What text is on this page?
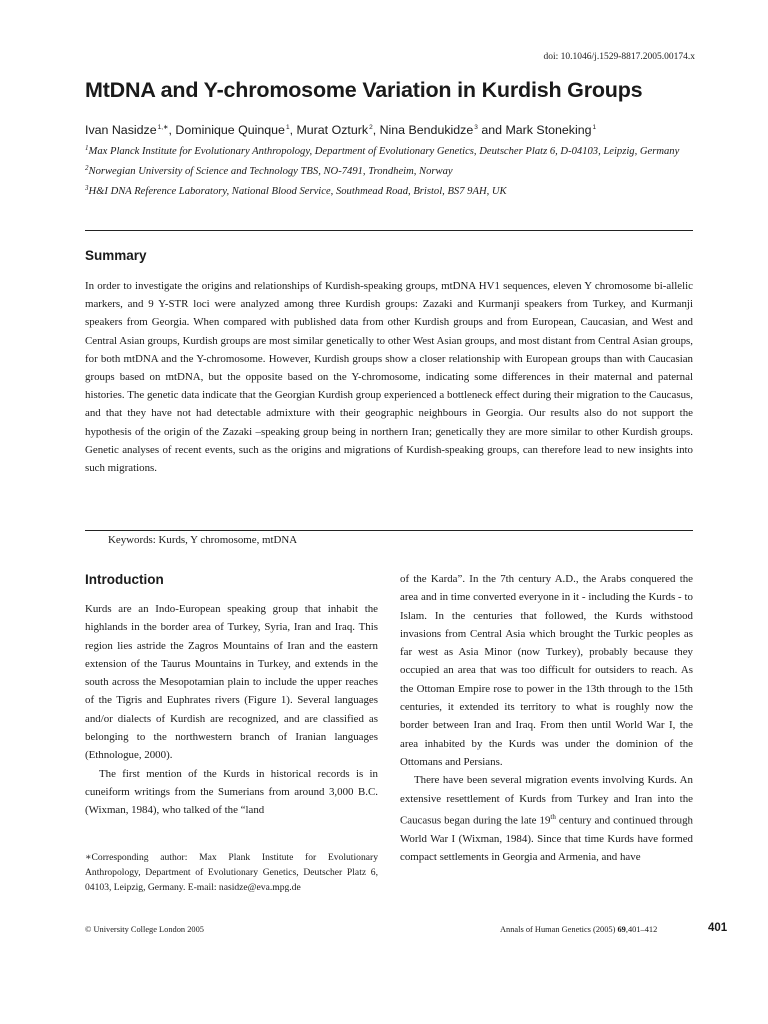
doi: 10.1046/j.1529-8817.2005.00174.x
MtDNA and Y-chromosome Variation in Kurdish Groups
Ivan Nasidze$^{1,∗}$, Dominique Quinque$^1$, Murat Ozturk$^2$, Nina Bendukidze$^3$ and Mark Stoneking$^1$
$^1$Max Planck Institute for Evolutionary Anthropology, Department of Evolutionary Genetics, Deutscher Platz 6, D-04103, Leipzig, Germany
$^2$Norwegian University of Science and Technology TBS, NO-7491, Trondheim, Norway
$^3$H&I DNA Reference Laboratory, National Blood Service, Southmead Road, Bristol, BS7 9AH, UK
Summary

In order to investigate the origins and relationships of Kurdish-speaking groups, mtDNA HV1 sequences, eleven Y chromosome bi-allelic markers, and 9 Y-STR loci were analyzed among three Kurdish groups: Zazaki and Kurmanji speakers from Turkey, and Kurmanji speakers from Georgia. When compared with published data from other Kurdish groups and from European, Caucasian, and West and Central Asian groups, Kurdish groups are most similar genetically to other West Asian groups, and most distant from Central Asian groups, for both mtDNA and the Y-chromosome. However, Kurdish groups show a closer relationship with European groups than with Caucasian groups based on mtDNA, but the opposite based on the Y-chromosome, indicating some differences in their maternal and paternal histories. The genetic data indicate that the Georgian Kurdish group experienced a bottleneck effect during their migration to the Caucasus, and that they have not had detectable admixture with their geographic neighbours in Georgia. Our results also do not support the hypothesis of the origin of the Zazaki –speaking group being in northern Iran; genetically they are more similar to other Kurdish groups. Genetic analyses of recent events, such as the origins and migrations of Kurdish-speaking groups, can therefore lead to new insights into such migrations.

Keywords: Kurds, Y chromosome, mtDNA
Introduction

Kurds are an Indo-European speaking group that inhabit the highlands in the border area of Turkey, Syria, Iran and Iraq. This region lies astride the Zagros Mountains of Iran and the eastern extension of the Taurus Mountains in Turkey, and extends in the south across the Mesopotamian plain to include the upper reaches of the Tigris and Euphrates rivers (Figure 1). Several languages and/or dialects of Kurdish are recognized, and are classified as belonging to the northwestern branch of Iranian languages (Ethnologue, 2000).

The first mention of the Kurds in historical records is in cuneiform writings from the Sumerians from around 3,000 B.C. (Wixman, 1984), who talked of the “land

∗Corresponding author: Max Plank Institute for Evolutionary Anthropology, Department of Evolutionary Genetics, Deutscher Platz 6, 04103, Leipzig, Germany. E-mail: nasidze@eva.mpg.de

of the Karda”. In the 7th century A.D., the Arabs conquered the area and in time converted everyone in it - including the Kurds - to Islam. In the centuries that followed, the Kurds withstood invasions from Central Asia which brought the Turkic peoples as far west as Asia Minor (now Turkey), probably because they occupied an area that was too difficult for outsiders to reach. As the Ottoman Empire rose to power in the 13th through to the 15th centuries, it extended its territory to what is roughly now the border between Iran and Iraq. From then until World War I, the area inhabited by the Kurds was under the dominion of the Ottomans and Persians.

There have been several migration events involving Kurds. An extensive resettlement of Kurds from Turkey and Iran into the Caucasus began during the late 19th century and continued through World War I (Wixman, 1984). Since that time Kurds have formed compact settlements in Georgia and Armenia, and have

© University College London 2005	Annals of Human Genetics (2005) 69,401–412	401
